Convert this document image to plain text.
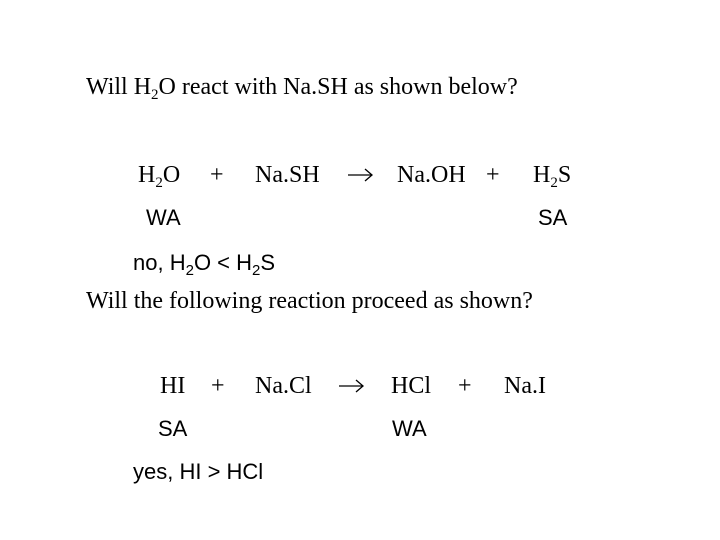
Will $H_2O$ react with Na.SH as shown below?
$H_2O + Na.SH \to Na.OH + H_2S$
WA	SA
no, $H_2O < H_2S$
Will the following reaction proceed as shown?
HI + Na.Cl	HCl + Na.I
SA	WA
yes, HI > HCl
